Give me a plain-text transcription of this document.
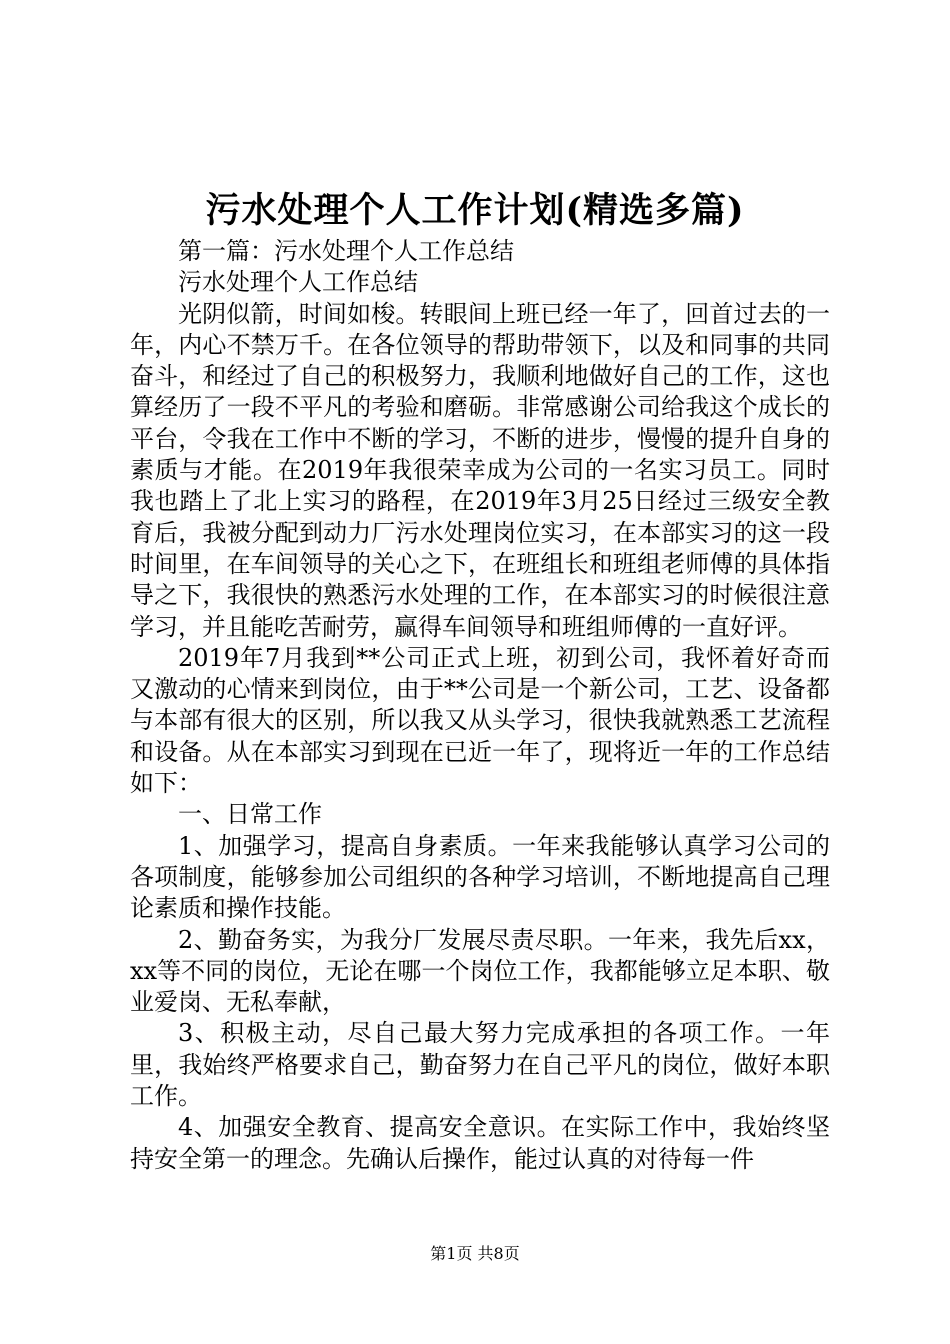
污水处理个人工作计划(精选多篇)

第一篇：污水处理个人工作总结

污水处理个人工作总结

光阴似箭，时间如梭。转眼间上班已经一年了，回首过去的一年，内心不禁万千。在各位领导的帮助带领下，以及和同事的共同奋斗，和经过了自己的积极努力，我顺利地做好自己的工作，这也算经历了一段不平凡的考验和磨砺。非常感谢公司给我这个成长的平台，令我在工作中不断的学习，不断的进步，慢慢的提升自身的素质与才能。在2019年我很荣幸成为公司的一名实习员工。同时我也踏上了北上实习的路程，在2019年3月25日经过三级安全教育后，我被分配到动力厂污水处理岗位实习，在本部实习的这一段时间里，在车间领导的关心之下，在班组长和班组老师傅的具体指导之下，我很快的熟悉污水处理的工作，在本部实习的时候很注意学习，并且能吃苦耐劳，赢得车间领导和班组师傅的一直好评。

2019年7月我到**公司正式上班，初到公司，我怀着好奇而又激动的心情来到岗位，由于**公司是一个新公司，工艺、设备都与本部有很大的区别，所以我又从头学习，很快我就熟悉工艺流程和设备。从在本部实习到现在已近一年了，现将近一年的工作总结如下：

一、日常工作

1、加强学习，提高自身素质。一年来我能够认真学习公司的各项制度，能够参加公司组织的各种学习培训，不断地提高自己理论素质和操作技能。

2、勤奋务实，为我分厂发展尽责尽职。一年来，我先后xx，xx等不同的岗位，无论在哪一个岗位工作，我都能够立足本职、敬业爱岗、无私奉献，

3、积极主动，尽自己最大努力完成承担的各项工作。一年里，我始终严格要求自己，勤奋努力在自己平凡的岗位，做好本职工作。

4、加强安全教育、提高安全意识。在实际工作中，我始终坚持安全第一的理念。先确认后操作，能过认真的对待每一件

第1页 共8页
